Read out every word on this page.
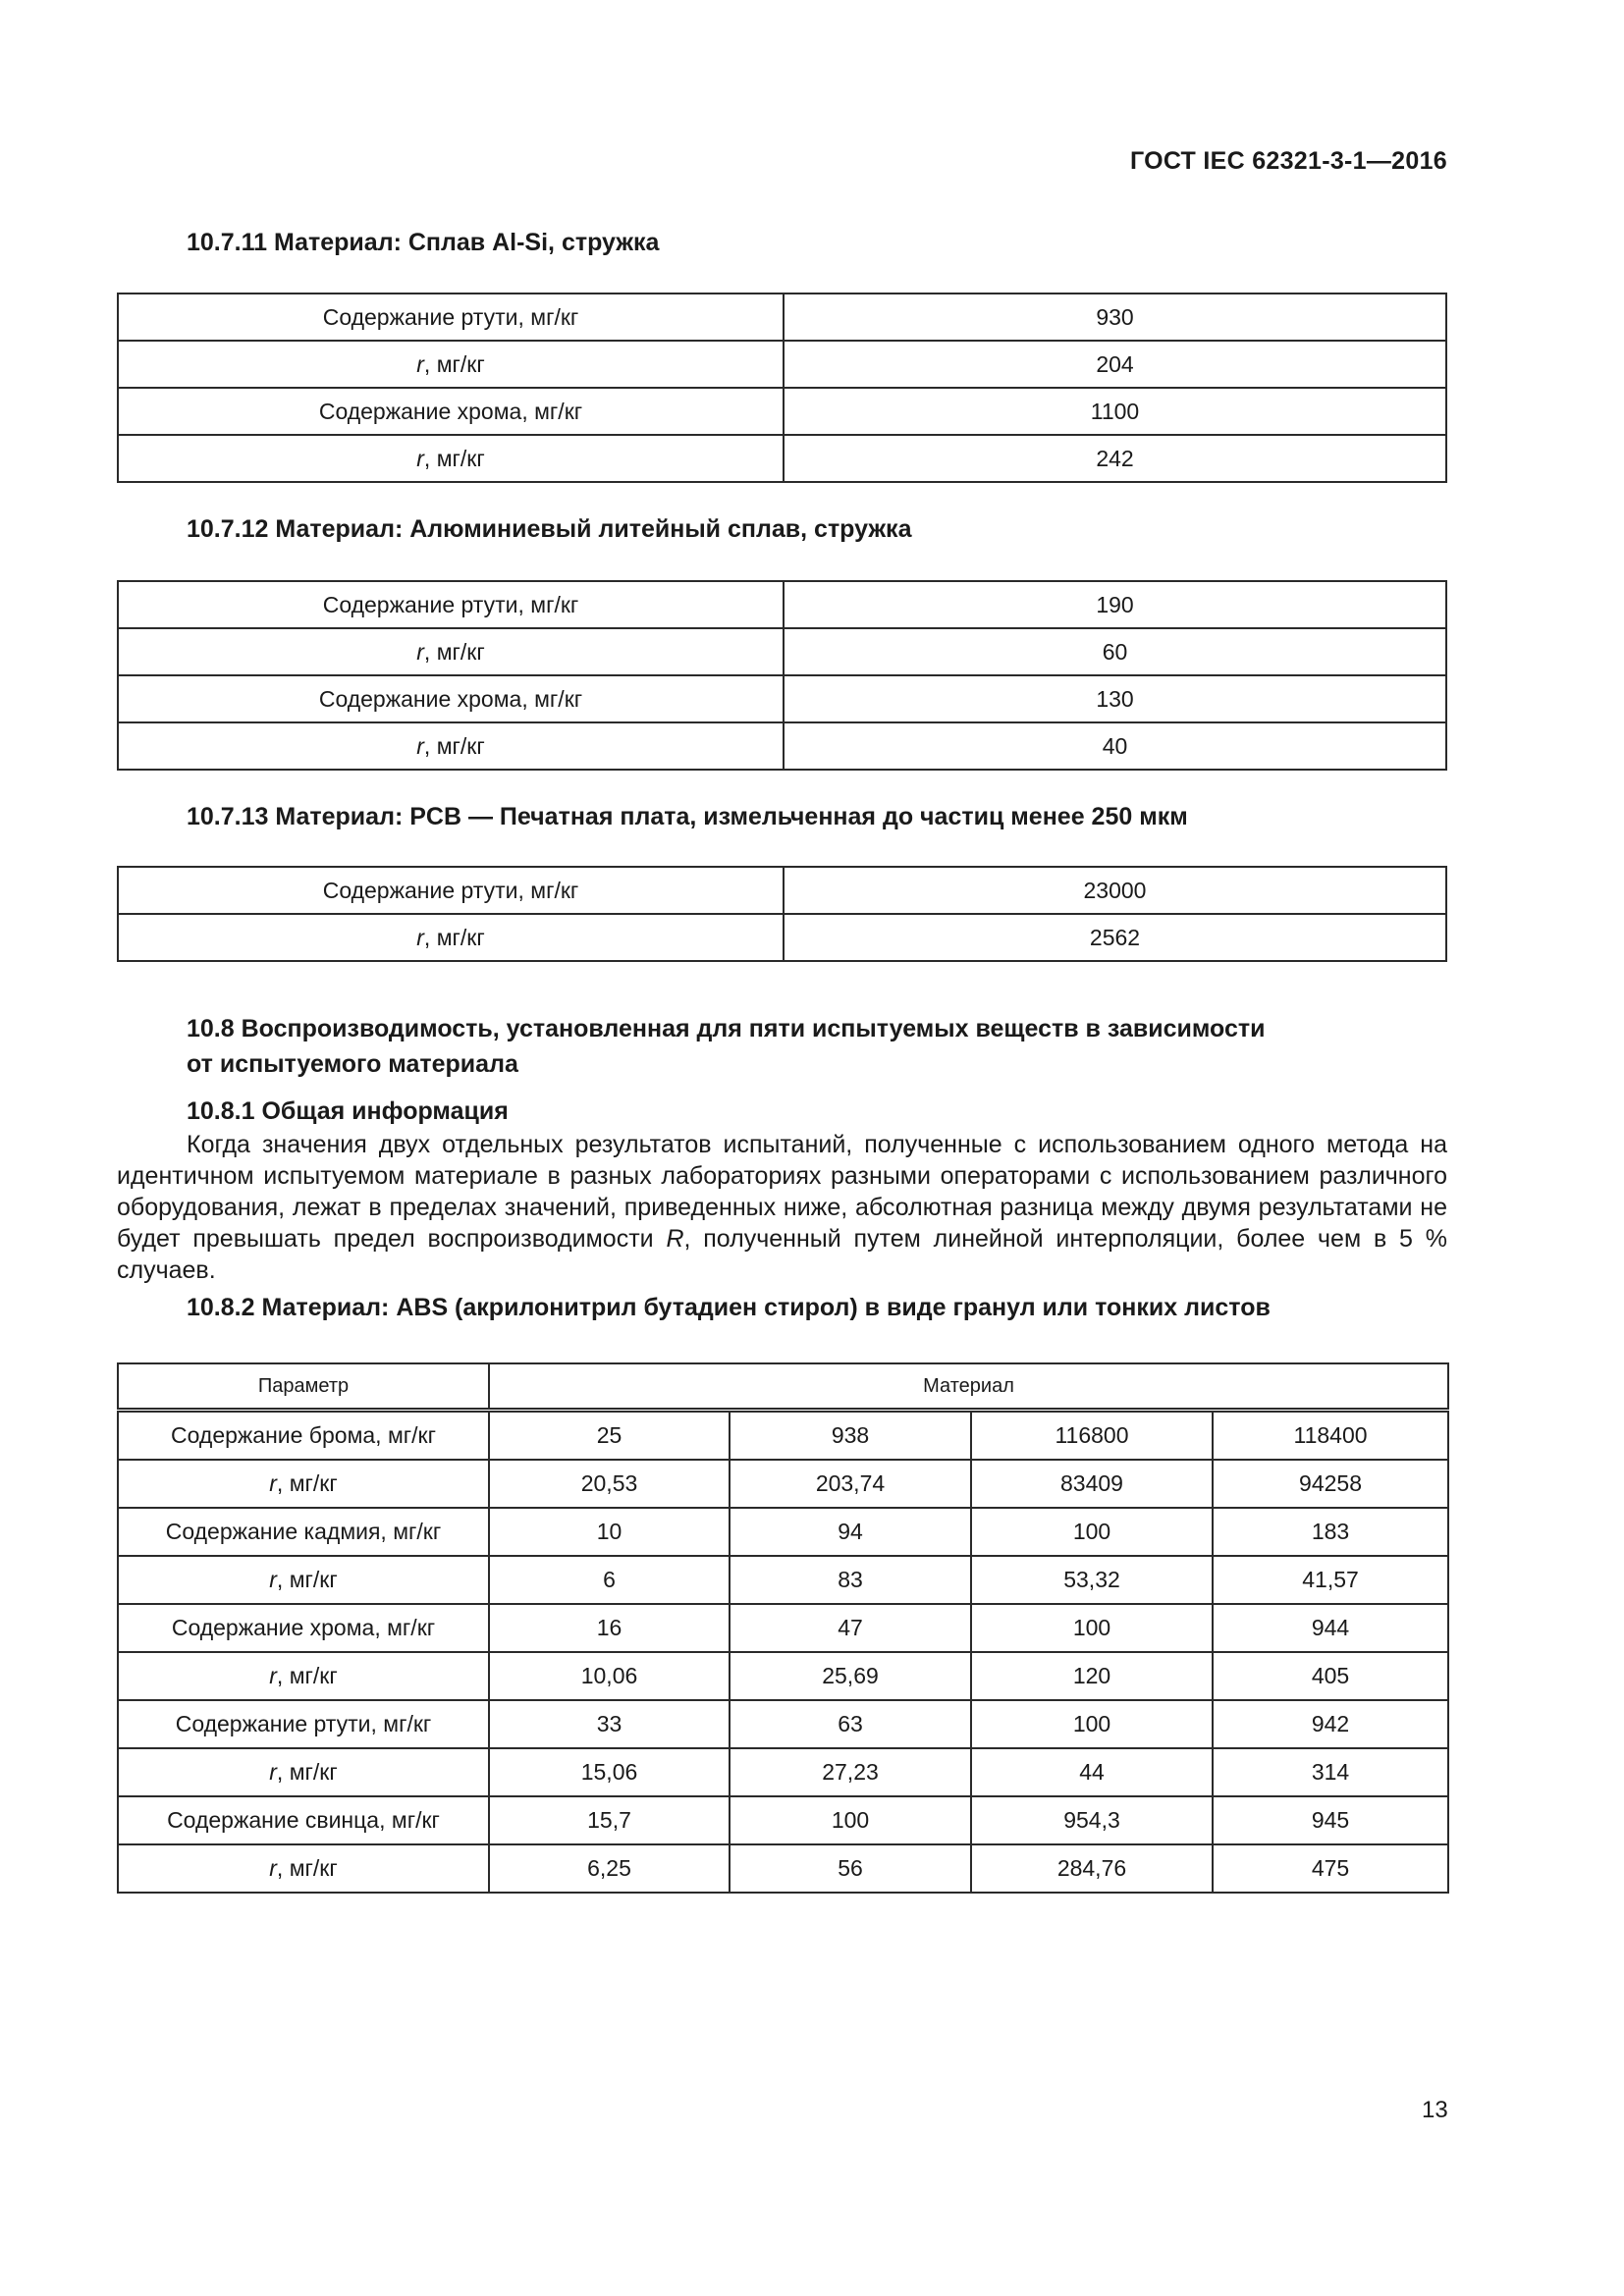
ГОСТ IEC 62321-3-1—2016
10.7.11 Материал: Сплав Al-Si, стружка
Содержание ртути, мг/кг	930
r, мг/кг	204
Содержание хрома, мг/кг	1100
r, мг/кг	242
10.7.12 Материал: Алюминиевый литейный сплав, стружка
Содержание ртути, мг/кг	190
r, мг/кг	60
Содержание хрома, мг/кг	130
r, мг/кг	40
10.7.13 Материал: PCB — Печатная плата, измельченная до частиц менее 250 мкм
Содержание ртути, мг/кг	23000
r, мг/кг	2562
10.8 Воспроизводимость, установленная для пяти испытуемых веществ в зависимости
от испытуемого материала
10.8.1 Общая информация
Когда значения двух отдельных результатов испытаний, полученные с использованием одного метода на идентичном испытуемом материале в разных лабораториях разными операторами с использованием различного оборудования, лежат в пределах значений, приведенных ниже, абсолютная разница между двумя результатами не будет превышать предел воспроизводимости R, полученный путем линейной интерполяции, более чем в 5 % случаев.
10.8.2 Материал: ABS (акрилонитрил бутадиен стирол) в виде гранул или тонких листов
Параметр	Материал			
Содержание брома, мг/кг	25	938	116800	118400
r, мг/кг	20,53	203,74	83409	94258
Содержание кадмия, мг/кг	10	94	100	183
r, мг/кг	6	83	53,32	41,57
Содержание хрома, мг/кг	16	47	100	944
r, мг/кг	10,06	25,69	120	405
Содержание ртути, мг/кг	33	63	100	942
r, мг/кг	15,06	27,23	44	314
Содержание свинца, мг/кг	15,7	100	954,3	945
r, мг/кг	6,25	56	284,76	475
13
